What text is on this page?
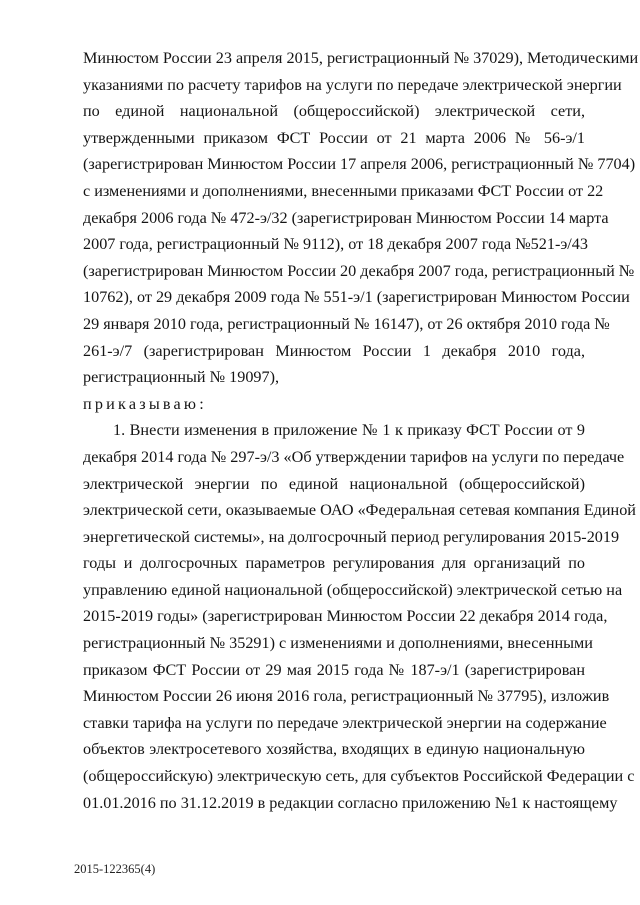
Минюстом России 23 апреля 2015, регистрационный № 37029), Методическими
указаниями по расчету тарифов на услуги по передаче электрической энергии
по единой национальной (общероссийской) электрической сети,
утвержденными приказом ФСТ России от 21 марта 2006 № 56-э/1
(зарегистрирован Минюстом России 17 апреля 2006, регистрационный № 7704)
с изменениями и дополнениями, внесенными приказами ФСТ России от 22
декабря 2006 года № 472-э/32 (зарегистрирован Минюстом России 14 марта
2007 года, регистрационный № 9112), от 18 декабря 2007 года №521-э/43
(зарегистрирован Минюстом России 20 декабря 2007 года, регистрационный №
10762), от 29 декабря 2009 года № 551-э/1 (зарегистрирован Минюстом России
29 января 2010 года, регистрационный № 16147), от 26 октября 2010 года №
261-э/7 (зарегистрирован Минюстом России 1 декабря 2010 года,
регистрационный № 19097),
приказываю:
1. Внести изменения в приложение № 1 к приказу ФСТ России от 9
декабря 2014 года № 297-э/3 «Об утверждении тарифов на услуги по передаче
электрической энергии по единой национальной (общероссийской)
электрической сети, оказываемые ОАО «Федеральная сетевая компания Единой
энергетической системы», на долгосрочный период регулирования 2015-2019
годы и долгосрочных параметров регулирования для организаций по
управлению единой национальной (общероссийской) электрической сетью на
2015-2019 годы» (зарегистрирован Минюстом России 22 декабря 2014 года,
регистрационный № 35291) с изменениями и дополнениями, внесенными
приказом ФСТ России от 29 мая 2015 года № 187-э/1 (зарегистрирован
Минюстом России 26 июня 2016 гола, регистрационный № 37795), изложив
ставки тарифа на услуги по передаче электрической энергии на содержание
объектов электросетевого хозяйства, входящих в единую национальную
(общероссийскую) электрическую сеть, для субъектов Российской Федерации с
01.01.2016 по 31.12.2019 в редакции согласно приложению №1 к настоящему
2015-122365(4)
